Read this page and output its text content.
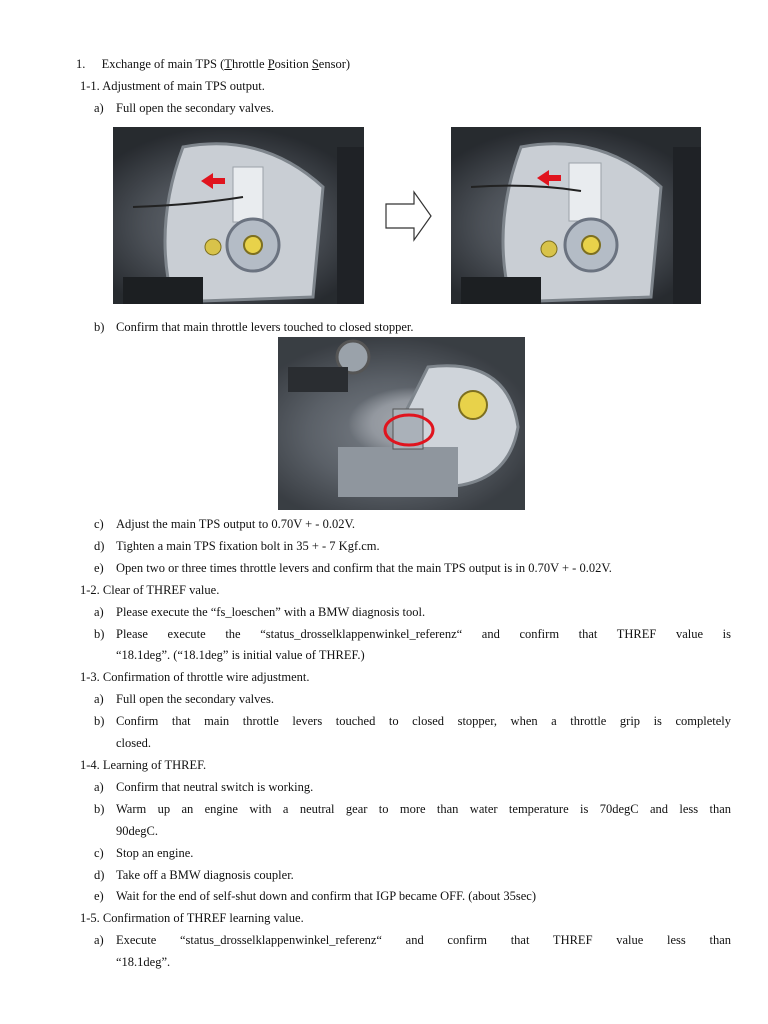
1. Exchange of main TPS (Throttle Position Sensor)
1-1. Adjustment of main TPS output.
a) Full open the secondary valves.
b) Confirm that main throttle levers touched to closed stopper.
c) Adjust the main TPS output to 0.70V + - 0.02V.
d) Tighten a main TPS fixation bolt in 35 + - 7 Kgf.cm.
e) Open two or three times throttle levers and confirm that the main TPS output is in 0.70V + - 0.02V.
1-2. Clear of THREF value.
a) Please execute the “fs_loeschen” with a BMW diagnosis tool.
b) Please execute the “status_drosselklappenwinkel_referenz“ and confirm that THREF value is
“18.1deg”. (“18.1deg” is initial value of THREF.)
1-3. Confirmation of throttle wire adjustment.
a) Full open the secondary valves.
b) Confirm that main throttle levers touched to closed stopper, when a throttle grip is completely
closed.
1-4. Learning of THREF.
a) Confirm that neutral switch is working.
b) Warm up an engine with a neutral gear to more than water temperature is 70degC and less than
90degC.
c) Stop an engine.
d) Take off a BMW diagnosis coupler.
e) Wait for the end of self-shut down and confirm that IGP became OFF. (about 35sec)
1-5. Confirmation of THREF learning value.
a) Execute “status_drosselklappenwinkel_referenz“ and confirm that THREF value less than
“18.1deg”.
